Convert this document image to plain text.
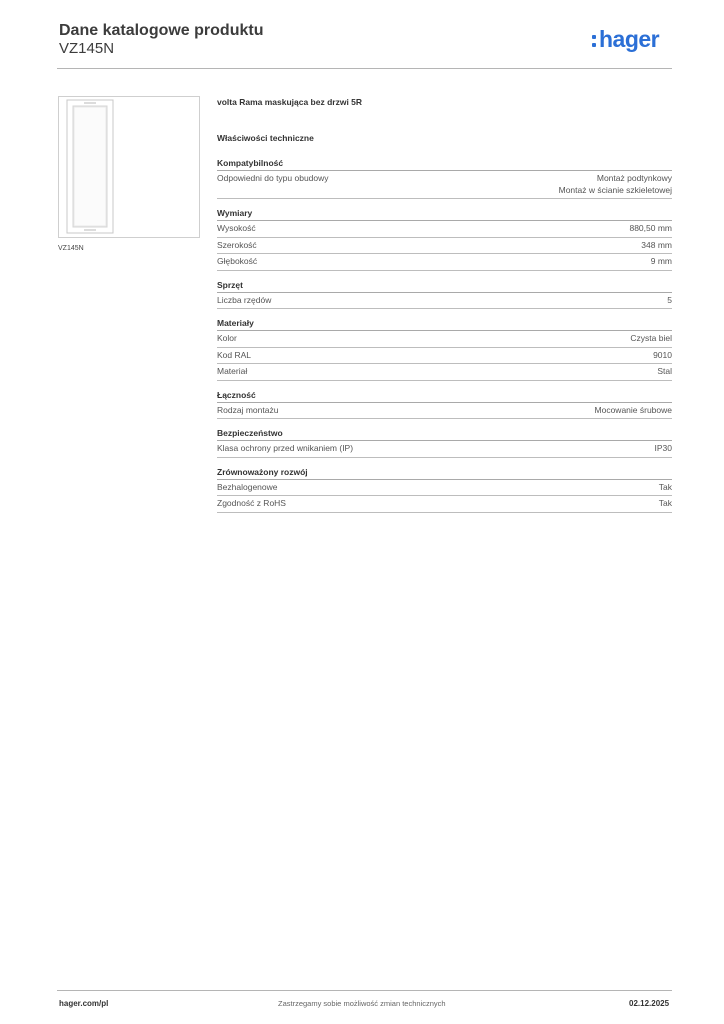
Dane katalogowe produktu
VZ145N	hager
VZ145N
volta Rama maskująca bez drzwi 5R
Właściwości techniczne
Kompatybilność
Odpowiedni do typu obudowy	Montaż podtynkowy
Montaż w ścianie szkieletowej
Wymiary
Wysokość	880,50 mm
Szerokość	348 mm
Głębokość	9 mm
Sprzęt
Liczba rzędów	5
Materiały
Kolor	Czysta biel
Kod RAL	9010
Materiał	Stal
Łączność
Rodzaj montażu	Mocowanie śrubowe
Bezpieczeństwo
Klasa ochrony przed wnikaniem (IP)	IP30
Zrównoważony rozwój
Bezhalogenowe	Tak
Zgodność z RoHS	Tak
hager.com/pl	Zastrzegamy sobie możliwość zmian technicznych	02.12.2025
